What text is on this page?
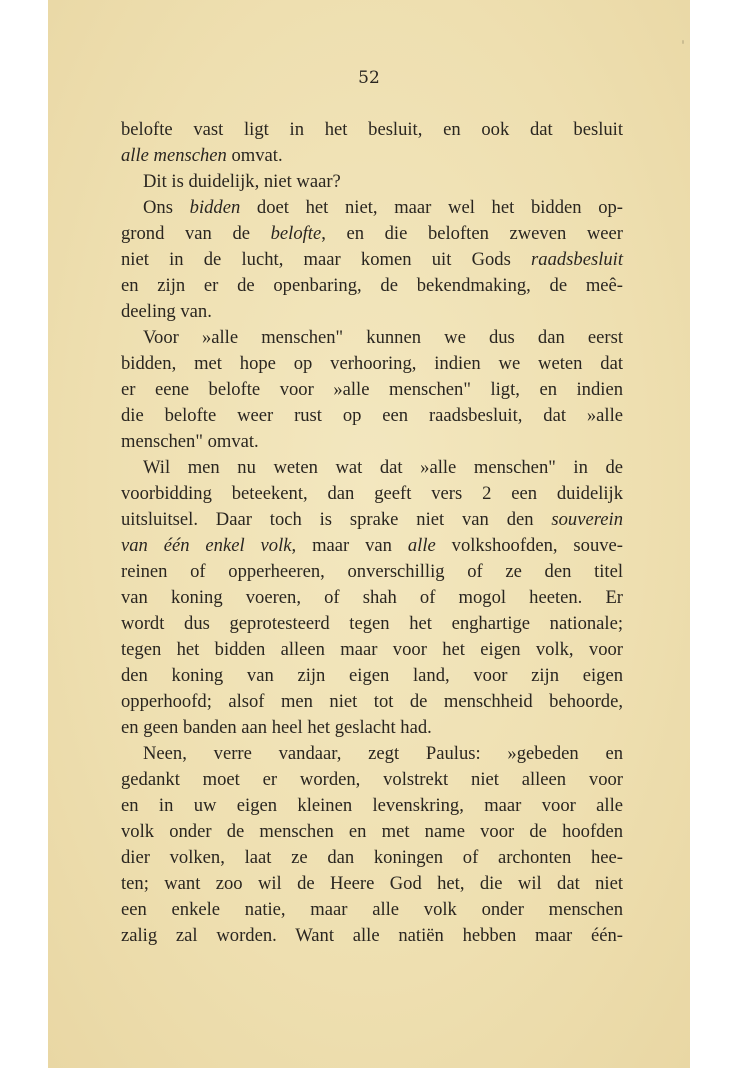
52
belofte vast ligt in het besluit, en ook dat besluit
alle menschen omvat.
Dit is duidelijk, niet waar?
Ons bidden doet het niet, maar wel het bidden op-
grond van de belofte, en die beloften zweven weer
niet in de lucht, maar komen uit Gods raadsbesluit
en zijn er de openbaring, de bekendmaking, de meê-
deeling van.
Voor »alle menschen" kunnen we dus dan eerst
bidden, met hope op verhooring, indien we weten dat
er eene belofte voor »alle menschen" ligt, en indien
die belofte weer rust op een raadsbesluit, dat »alle
menschen" omvat.
Wil men nu weten wat dat »alle menschen" in de
voorbidding beteekent, dan geeft vers 2 een duidelijk
uitsluitsel. Daar toch is sprake niet van den souverein
van één enkel volk, maar van alle volkshoofden, souve-
reinen of opperheeren, onverschillig of ze den titel
van koning voeren, of shah of mogol heeten. Er
wordt dus geprotesteerd tegen het enghartige nationale;
tegen het bidden alleen maar voor het eigen volk, voor
den koning van zijn eigen land, voor zijn eigen
opperhoofd; alsof men niet tot de menschheid behoorde,
en geen banden aan heel het geslacht had.
Neen, verre vandaar, zegt Paulus: »gebeden en
gedankt moet er worden, volstrekt niet alleen voor
en in uw eigen kleinen levenskring, maar voor alle
volk onder de menschen en met name voor de hoofden
dier volken, laat ze dan koningen of archonten hee-
ten; want zoo wil de Heere God het, die wil dat niet
een enkele natie, maar alle volk onder menschen
zalig zal worden. Want alle natiën hebben maar één-
